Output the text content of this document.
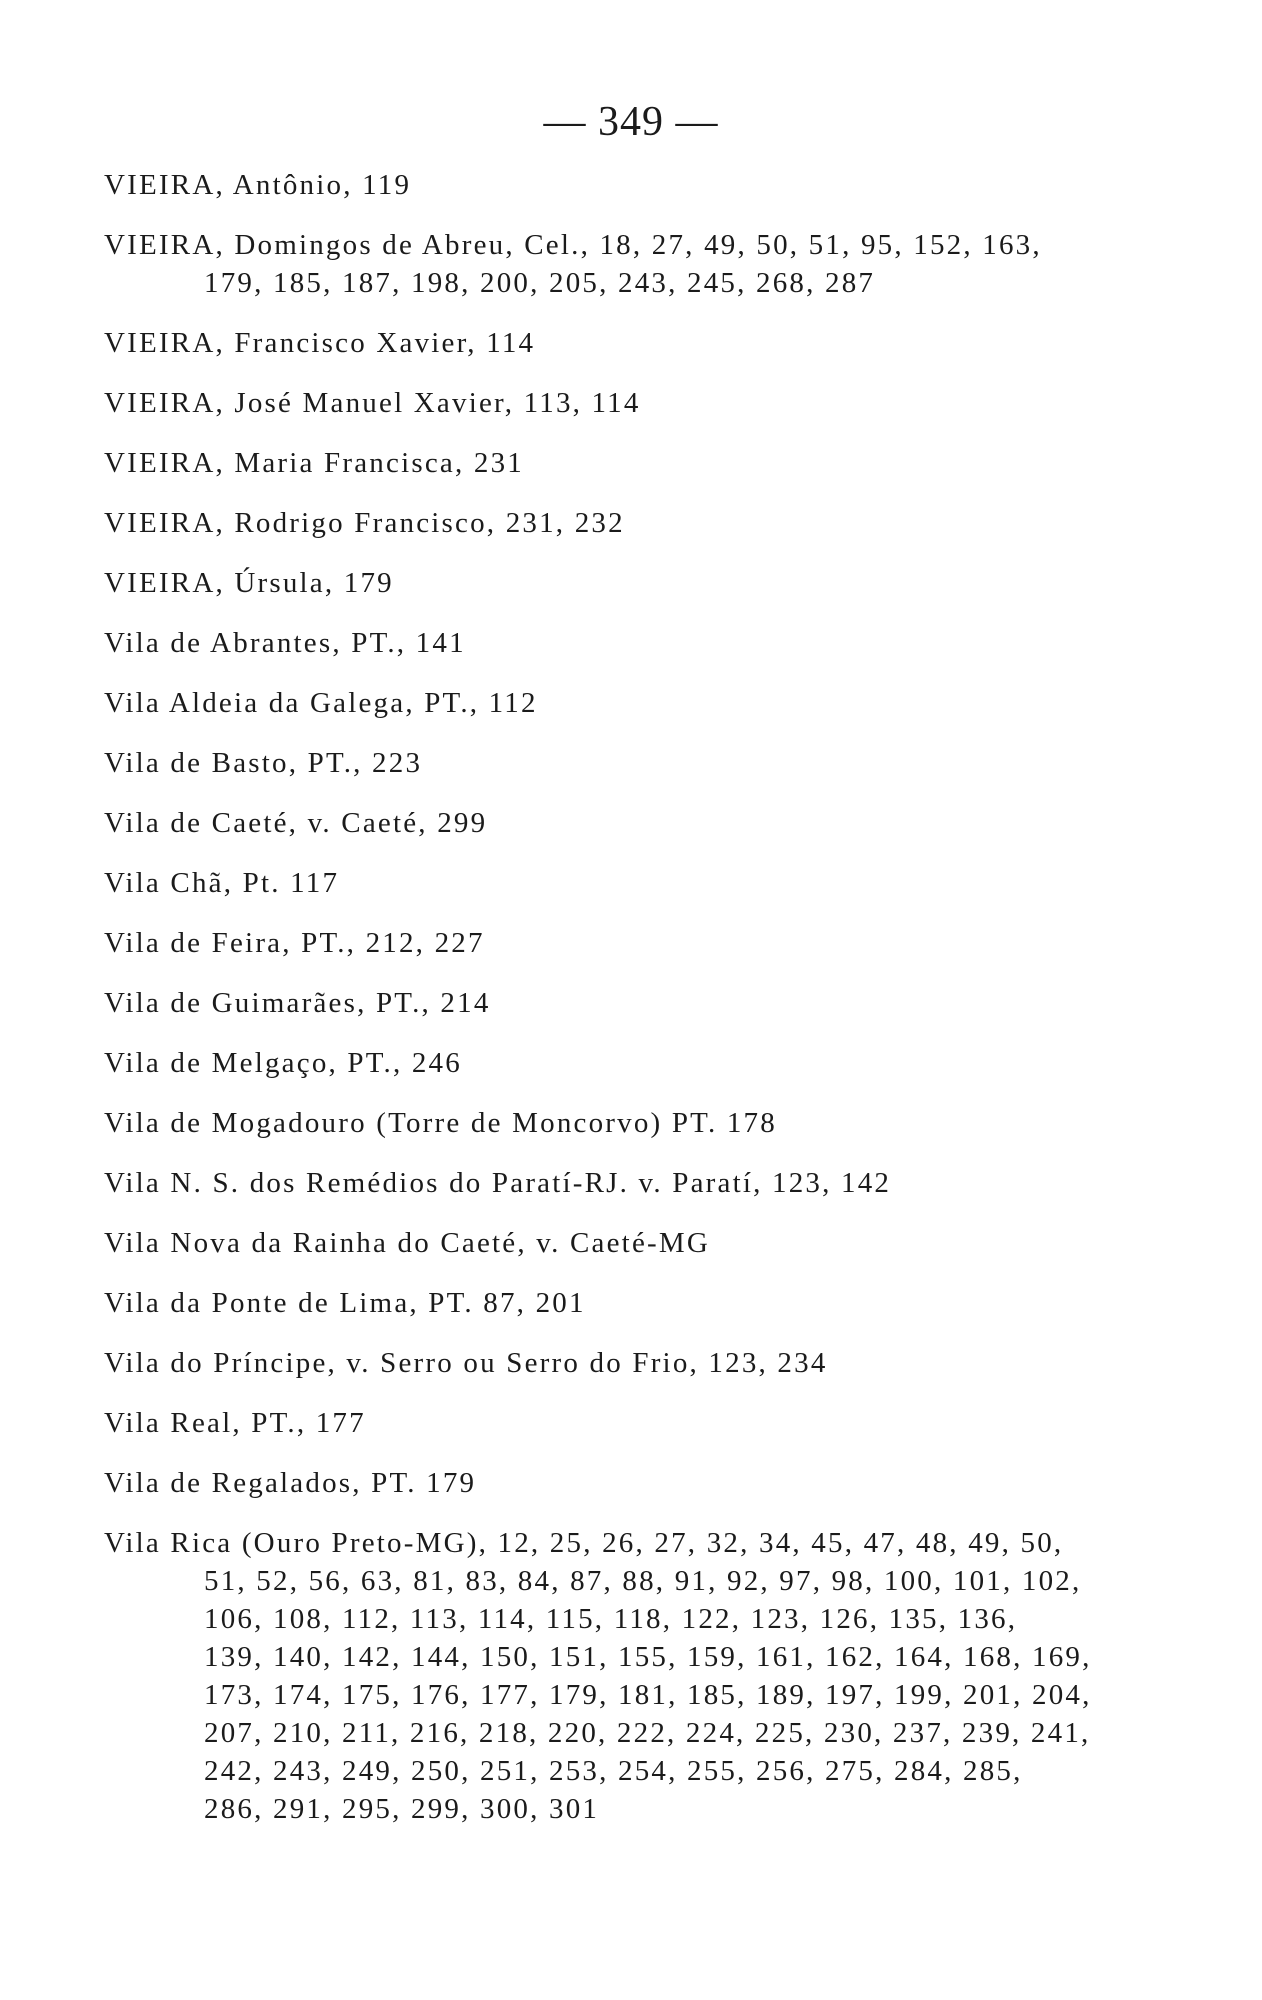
— 349 —
VIEIRA, Antônio, 119
VIEIRA, Domingos de Abreu, Cel., 18, 27, 49, 50, 51, 95, 152, 163,
179, 185, 187, 198, 200, 205, 243, 245, 268, 287
VIEIRA, Francisco Xavier, 114
VIEIRA, José Manuel Xavier, 113, 114
VIEIRA, Maria Francisca, 231
VIEIRA, Rodrigo Francisco, 231, 232
VIEIRA, Úrsula, 179
Vila de Abrantes, PT., 141
Vila Aldeia da Galega, PT., 112
Vila de Basto, PT., 223
Vila de Caeté, v. Caeté, 299
Vila Chã, Pt. 117
Vila de Feira, PT., 212, 227
Vila de Guimarães, PT., 214
Vila de Melgaço, PT., 246
Vila de Mogadouro (Torre de Moncorvo) PT. 178
Vila N. S. dos Remédios do Paratí-RJ. v. Paratí, 123, 142
Vila Nova da Rainha do Caeté, v. Caeté-MG
Vila da Ponte de Lima, PT. 87, 201
Vila do Príncipe, v. Serro ou Serro do Frio, 123, 234
Vila Real, PT., 177
Vila de Regalados, PT. 179
Vila Rica (Ouro Preto-MG), 12, 25, 26, 27, 32, 34, 45, 47, 48, 49, 50,
51, 52, 56, 63, 81, 83, 84, 87, 88, 91, 92, 97, 98, 100, 101, 102,
106, 108, 112, 113, 114, 115, 118, 122, 123, 126, 135, 136,
139, 140, 142, 144, 150, 151, 155, 159, 161, 162, 164, 168, 169,
173, 174, 175, 176, 177, 179, 181, 185, 189, 197, 199, 201, 204,
207, 210, 211, 216, 218, 220, 222, 224, 225, 230, 237, 239, 241,
242, 243, 249, 250, 251, 253, 254, 255, 256, 275, 284, 285,
286, 291, 295, 299, 300, 301
